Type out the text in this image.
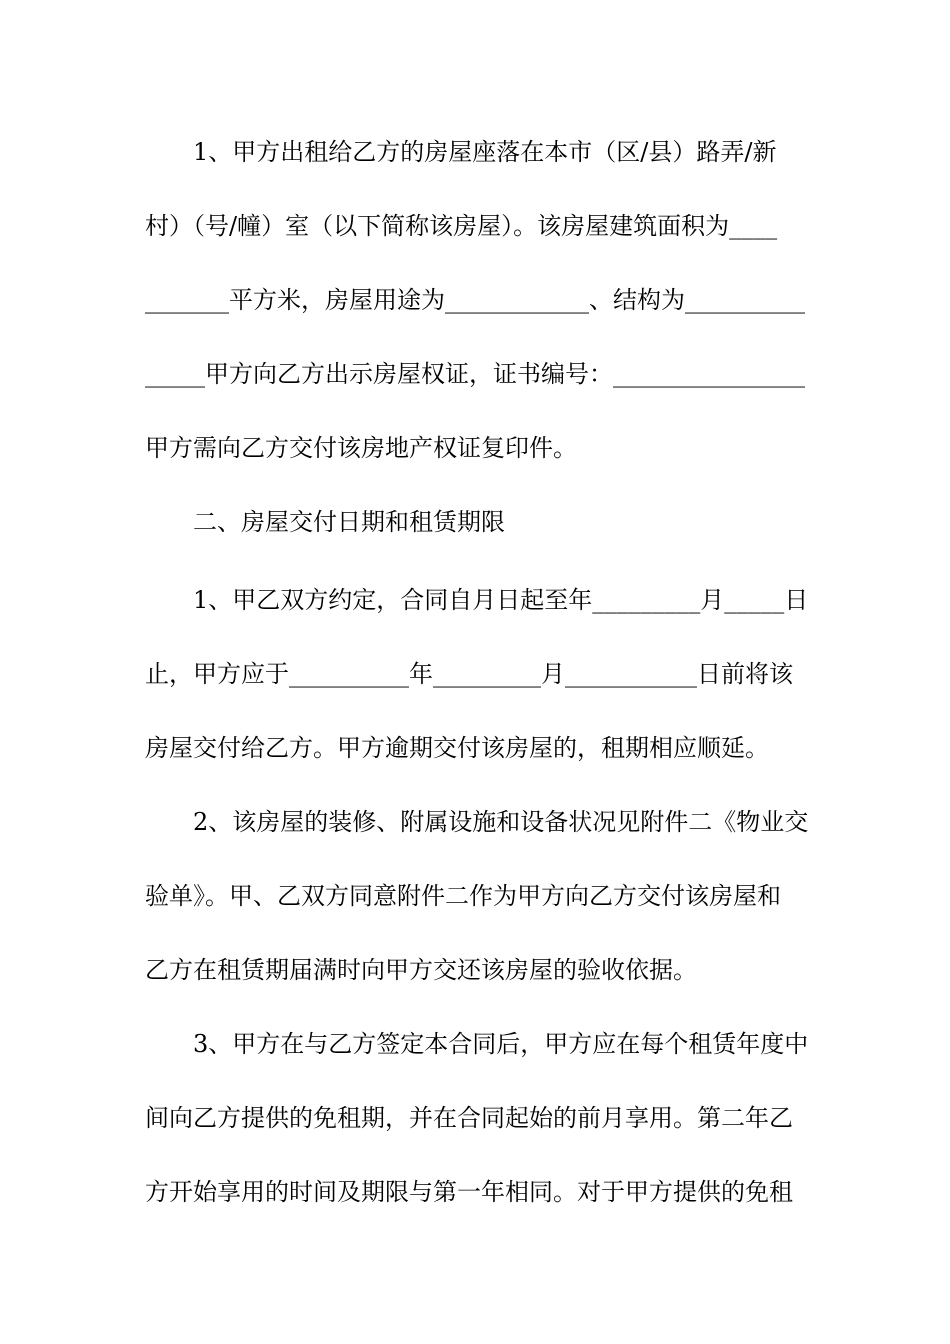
1、甲方出租给乙方的房屋座落在本市（区/县）路弄/新
村）（号/幢）室（以下简称该房屋）。该房屋建筑面积为____
_______平方米，房屋用途为____________、结构为__________
_____甲方向乙方出示房屋权证，证书编号：________________
甲方需向乙方交付该房地产权证复印件。
二、房屋交付日期和租赁期限
1、甲乙双方约定，合同自月日起至年_________月_____日
止，甲方应于__________年_________月___________日前将该
房屋交付给乙方。甲方逾期交付该房屋的，租期相应顺延。
2、该房屋的装修、附属设施和设备状况见附件二《物业交
验单》。甲、乙双方同意附件二作为甲方向乙方交付该房屋和
乙方在租赁期届满时向甲方交还该房屋的验收依据。
3、甲方在与乙方签定本合同后，甲方应在每个租赁年度中
间向乙方提供的免租期，并在合同起始的前月享用。第二年乙
方开始享用的时间及期限与第一年相同。对于甲方提供的免租
